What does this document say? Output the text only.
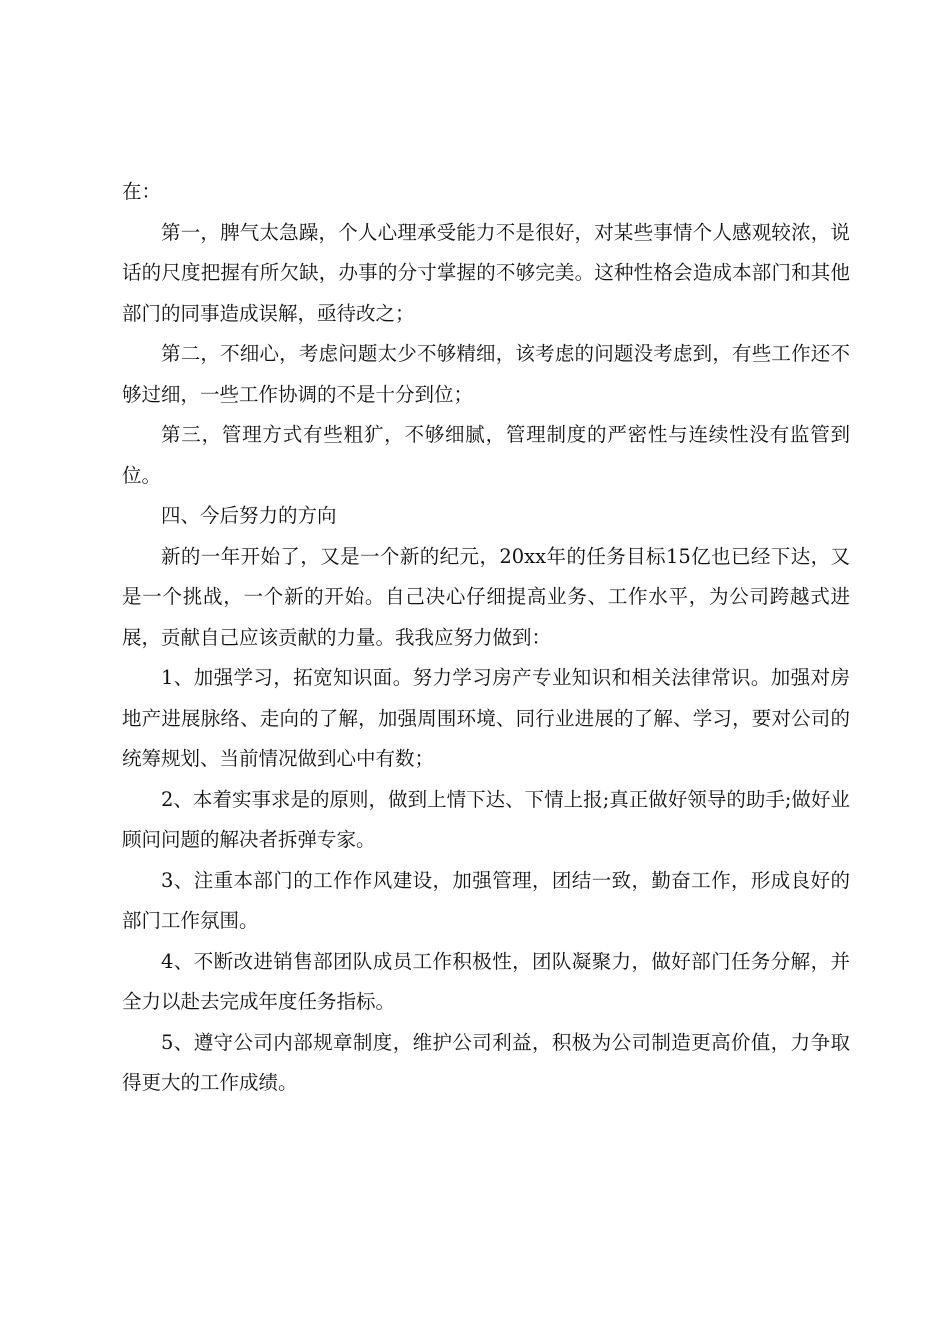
在：

第一，脾气太急躁，个人心理承受能力不是很好，对某些事情个人感观较浓，说话的尺度把握有所欠缺，办事的分寸掌握的不够完美。这种性格会造成本部门和其他部门的同事造成误解，亟待改之；

第二，不细心，考虑问题太少不够精细，该考虑的问题没考虑到，有些工作还不够过细，一些工作协调的不是十分到位；

第三，管理方式有些粗犷，不够细腻，管理制度的严密性与连续性没有监管到位。

四、今后努力的方向

新的一年开始了，又是一个新的纪元，20xx年的任务目标15亿也已经下达，又是一个挑战，一个新的开始。自己决心仔细提高业务、工作水平，为公司跨越式进展，贡献自己应该贡献的力量。我我应努力做到：

1、加强学习，拓宽知识面。努力学习房产专业知识和相关法律常识。加强对房地产进展脉络、走向的了解，加强周围环境、同行业进展的了解、学习，要对公司的统筹规划、当前情况做到心中有数；

2、本着实事求是的原则，做到上情下达、下情上报;真正做好领导的助手;做好业顾问问题的解决者拆弹专家。

3、注重本部门的工作作风建设，加强管理，团结一致，勤奋工作，形成良好的部门工作氛围。

4、不断改进销售部团队成员工作积极性，团队凝聚力，做好部门任务分解，并全力以赴去完成年度任务指标。

5、遵守公司内部规章制度，维护公司利益，积极为公司制造更高价值，力争取得更大的工作成绩。
